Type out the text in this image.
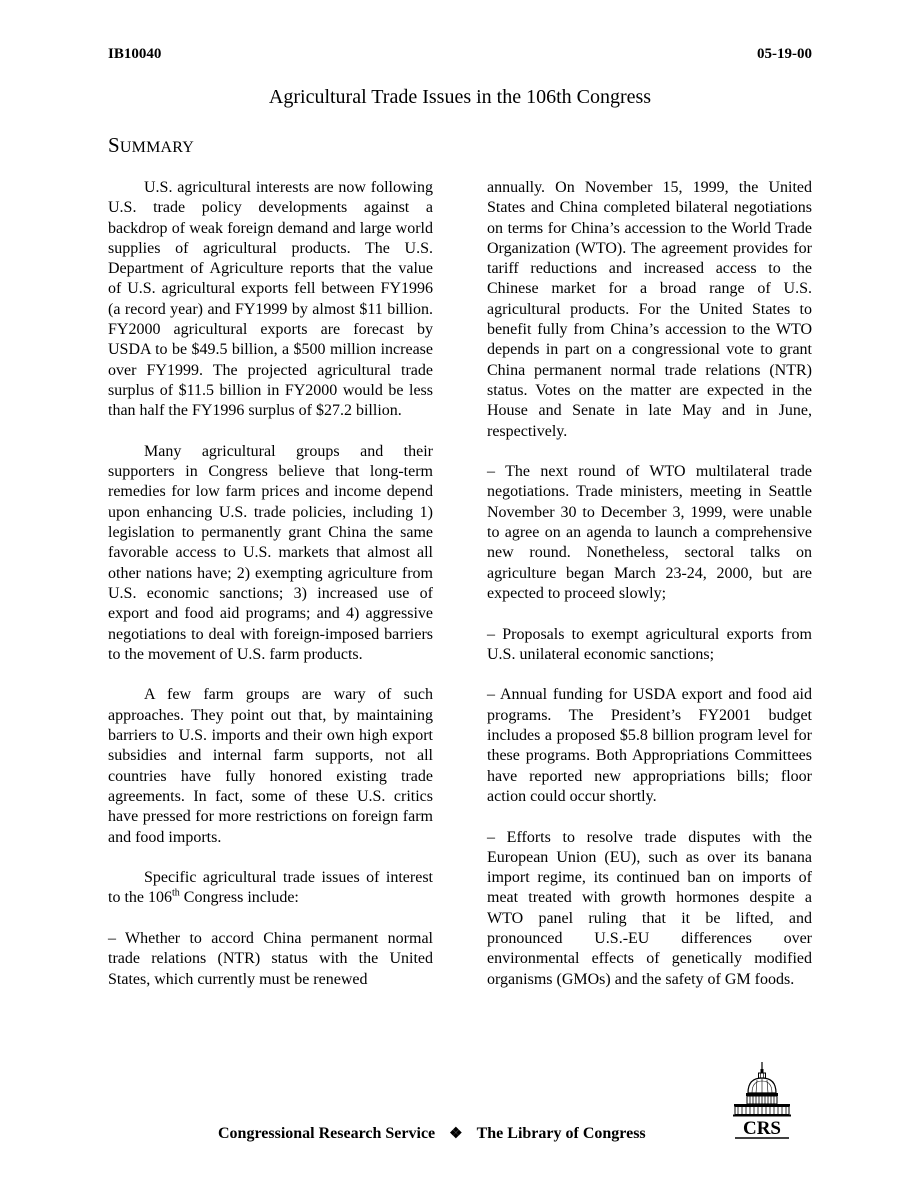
IB10040	05-19-00
Agricultural Trade Issues in the 106th Congress
SUMMARY

U.S. agricultural interests are now following U.S. trade policy developments against a backdrop of weak foreign demand and large world supplies of agricultural products. The U.S. Department of Agriculture reports that the value of U.S. agricultural exports fell between FY1996 (a record year) and FY1999 by almost $11 billion. FY2000 agricultural exports are forecast by USDA to be $49.5 billion, a $500 million increase over FY1999. The projected agricultural trade surplus of $11.5 billion in FY2000 would be less than half the FY1996 surplus of $27.2 billion.

Many agricultural groups and their supporters in Congress believe that long-term remedies for low farm prices and income depend upon enhancing U.S. trade policies, including 1) legislation to permanently grant China the same favorable access to U.S. markets that almost all other nations have; 2) exempting agriculture from U.S. economic sanctions; 3) increased use of export and food aid programs; and 4) aggressive negotiations to deal with foreign-imposed barriers to the movement of U.S. farm products.

A few farm groups are wary of such approaches. They point out that, by maintaining barriers to U.S. imports and their own high export subsidies and internal farm supports, not all countries have fully honored existing trade agreements. In fact, some of these U.S. critics have pressed for more restrictions on foreign farm and food imports.

Specific agricultural trade issues of interest to the 106th Congress include:

– Whether to accord China permanent normal trade relations (NTR) status with the United States, which currently must be renewed

annually. On November 15, 1999, the United States and China completed bilateral negotiations on terms for China’s accession to the World Trade Organization (WTO). The agreement provides for tariff reductions and increased access to the Chinese market for a broad range of U.S. agricultural products. For the United States to benefit fully from China’s accession to the WTO depends in part on a congressional vote to grant China permanent normal trade relations (NTR) status. Votes on the matter are expected in the House and Senate in late May and in June, respectively.

– The next round of WTO multilateral trade negotiations. Trade ministers, meeting in Seattle November 30 to December 3, 1999, were unable to agree on an agenda to launch a comprehensive new round. Nonetheless, sectoral talks on agriculture began March 23-24, 2000, but are expected to proceed slowly;

– Proposals to exempt agricultural exports from U.S. unilateral economic sanctions;

– Annual funding for USDA export and food aid programs. The President’s FY2001 budget includes a proposed $5.8 billion program level for these programs. Both Appropriations Committees have reported new appropriations bills; floor action could occur shortly.

– Efforts to resolve trade disputes with the European Union (EU), such as over its banana import regime, its continued ban on imports of meat treated with growth hormones despite a WTO panel ruling that it be lifted, and pronounced U.S.-EU differences over environmental effects of genetically modified organisms (GMOs) and the safety of GM foods.

Congressional Research Service ❖ The Library of Congress	CRS
